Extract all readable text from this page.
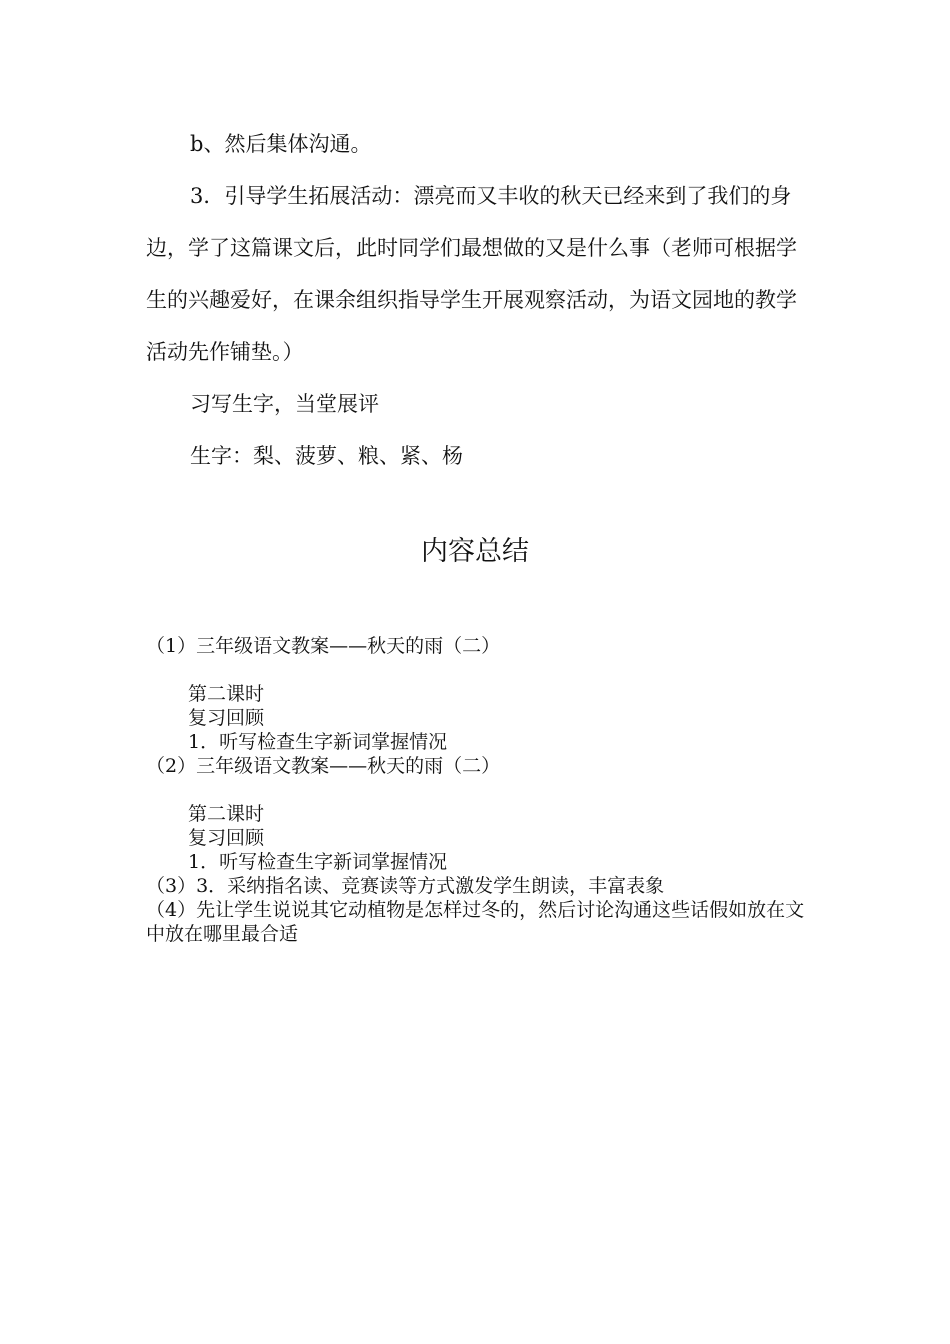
b、然后集体沟通。

3．引导学生拓展活动：漂亮而又丰收的秋天已经来到了我们的身边，学了这篇课文后，此时同学们最想做的又是什么事（老师可根据学生的兴趣爱好，在课余组织指导学生开展观察活动，为语文园地的教学活动先作铺垫。）

习写生字，当堂展评

生字：梨、菠萝、粮、紧、杨

内容总结

（1）三年级语文教案——秋天的雨（二）

第二课时

复习回顾

1．听写检查生字新词掌握情况

（2）三年级语文教案——秋天的雨（二）

第二课时

复习回顾

1．听写检查生字新词掌握情况

（3）3．采纳指名读、竞赛读等方式激发学生朗读，丰富表象

（4）先让学生说说其它动植物是怎样过冬的，然后讨论沟通这些话假如放在文中放在哪里最合适
